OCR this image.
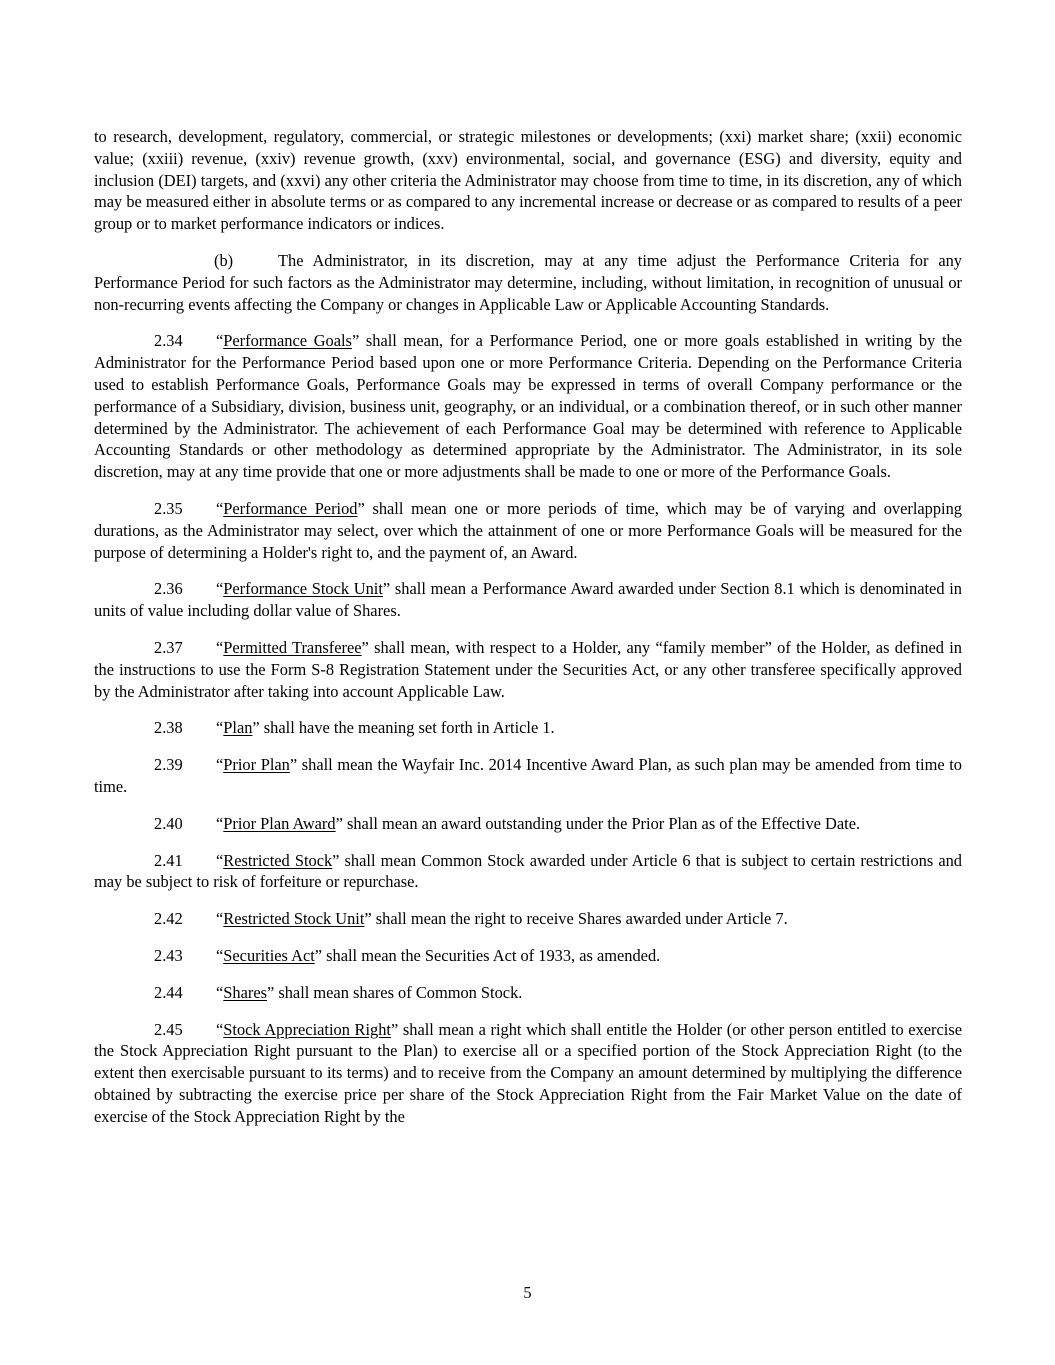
to research, development, regulatory, commercial, or strategic milestones or developments; (xxi) market share; (xxii) economic value; (xxiii) revenue, (xxiv) revenue growth, (xxv) environmental, social, and governance (ESG) and diversity, equity and inclusion (DEI) targets, and (xxvi) any other criteria the Administrator may choose from time to time, in its discretion, any of which may be measured either in absolute terms or as compared to any incremental increase or decrease or as compared to results of a peer group or to market performance indicators or indices.

(b)	The Administrator, in its discretion, may at any time adjust the Performance Criteria for any Performance Period for such factors as the Administrator may determine, including, without limitation, in recognition of unusual or non-recurring events affecting the Company or changes in Applicable Law or Applicable Accounting Standards.

2.34 “Performance Goals” shall mean, for a Performance Period, one or more goals established in writing by the Administrator for the Performance Period based upon one or more Performance Criteria. Depending on the Performance Criteria used to establish Performance Goals, Performance Goals may be expressed in terms of overall Company performance or the performance of a Subsidiary, division, business unit, geography, or an individual, or a combination thereof, or in such other manner determined by the Administrator. The achievement of each Performance Goal may be determined with reference to Applicable Accounting Standards or other methodology as determined appropriate by the Administrator. The Administrator, in its sole discretion, may at any time provide that one or more adjustments shall be made to one or more of the Performance Goals.

2.35 “Performance Period” shall mean one or more periods of time, which may be of varying and overlapping durations, as the Administrator may select, over which the attainment of one or more Performance Goals will be measured for the purpose of determining a Holder's right to, and the payment of, an Award.

2.36 “Performance Stock Unit” shall mean a Performance Award awarded under Section 8.1 which is denominated in units of value including dollar value of Shares.

2.37 “Permitted Transferee” shall mean, with respect to a Holder, any “family member” of the Holder, as defined in the instructions to use the Form S-8 Registration Statement under the Securities Act, or any other transferee specifically approved by the Administrator after taking into account Applicable Law.

2.38 “Plan” shall have the meaning set forth in Article 1.

2.39 “Prior Plan” shall mean the Wayfair Inc. 2014 Incentive Award Plan, as such plan may be amended from time to time.

2.40 “Prior Plan Award” shall mean an award outstanding under the Prior Plan as of the Effective Date.

2.41 “Restricted Stock” shall mean Common Stock awarded under Article 6 that is subject to certain restrictions and may be subject to risk of forfeiture or repurchase.

2.42 “Restricted Stock Unit” shall mean the right to receive Shares awarded under Article 7.

2.43 “Securities Act” shall mean the Securities Act of 1933, as amended.

2.44 “Shares” shall mean shares of Common Stock.

2.45 “Stock Appreciation Right” shall mean a right which shall entitle the Holder (or other person entitled to exercise the Stock Appreciation Right pursuant to the Plan) to exercise all or a specified portion of the Stock Appreciation Right (to the extent then exercisable pursuant to its terms) and to receive from the Company an amount determined by multiplying the difference obtained by subtracting the exercise price per share of the Stock Appreciation Right from the Fair Market Value on the date of exercise of the Stock Appreciation Right by the

5
